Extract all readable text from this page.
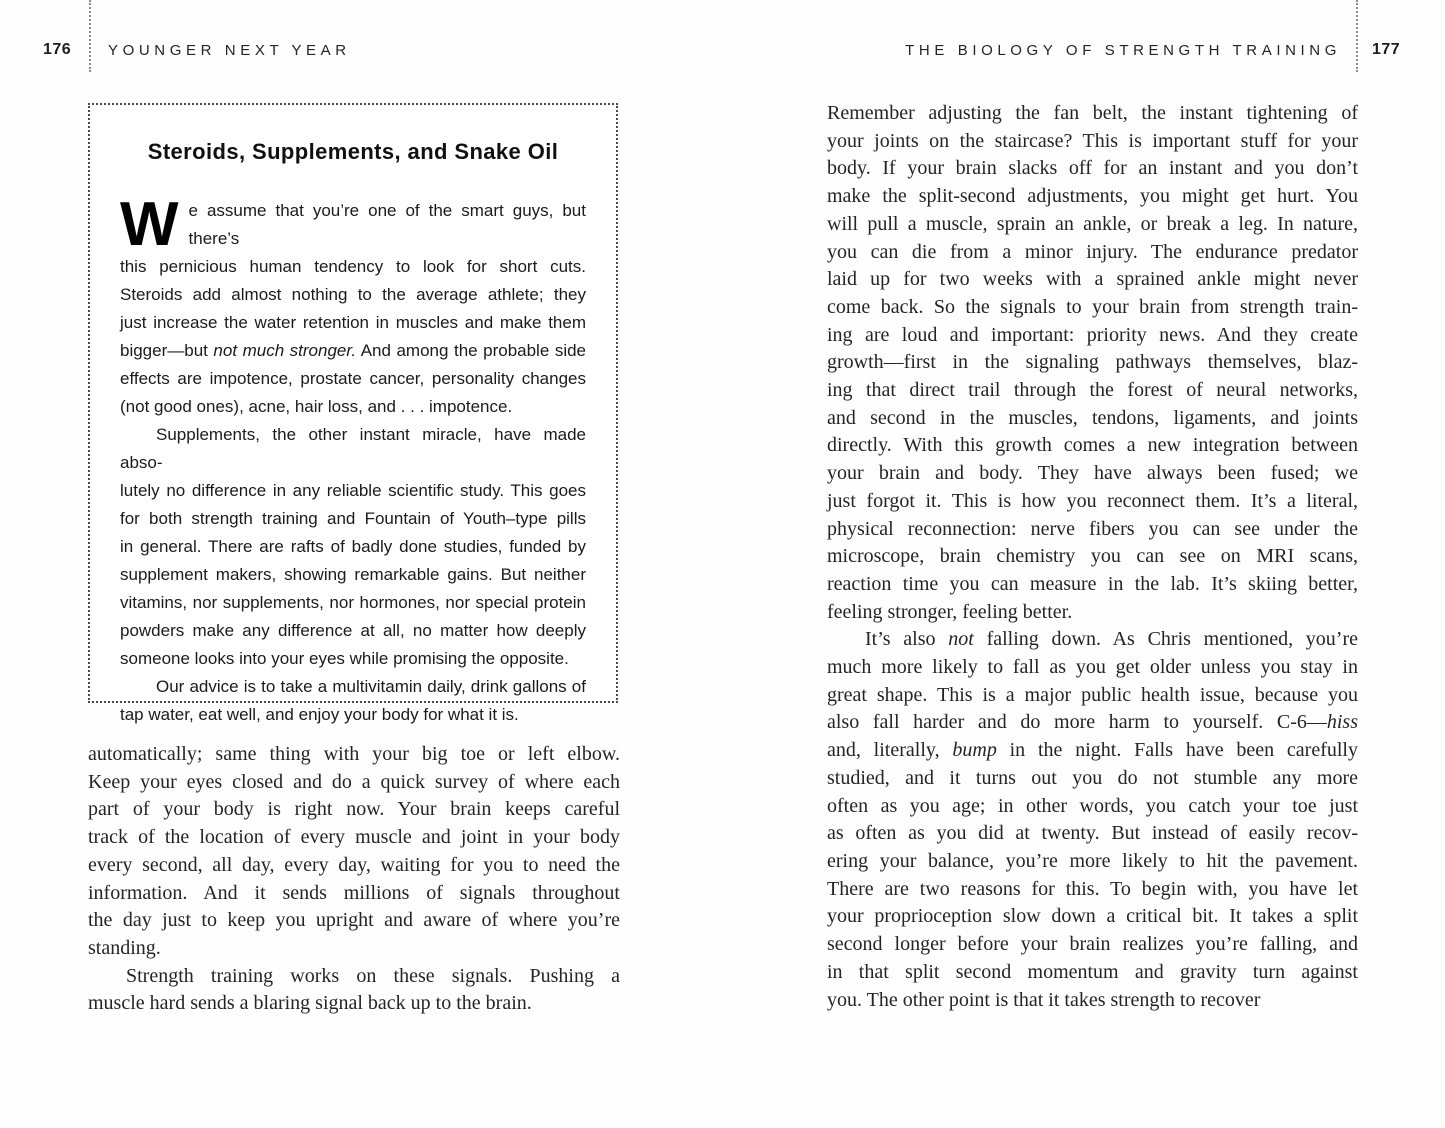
176 YOUNGER NEXT YEAR	THE BIOLOGY OF STRENGTH TRAINING 177
Steroids, Supplements, and Snake Oil
W e assume that you’re one of the smart guys, but there’s
this pernicious human tendency to look for short cuts.
Steroids add almost nothing to the average athlete; they
just increase the water retention in muscles and make them
bigger—but not much stronger. And among the probable side
effects are impotence, prostate cancer, personality changes
(not good ones), acne, hair loss, and . . . impotence.
Supplements, the other instant miracle, have made abso-
lutely no difference in any reliable scientific study. This goes
for both strength training and Fountain of Youth–type pills
in general. There are rafts of badly done studies, funded by
supplement makers, showing remarkable gains. But neither
vitamins, nor supplements, nor hormones, nor special protein
powders make any difference at all, no matter how deeply
someone looks into your eyes while promising the opposite.
Our advice is to take a multivitamin daily, drink gallons of
tap water, eat well, and enjoy your body for what it is.
automatically; same thing with your big toe or left elbow.
Keep your eyes closed and do a quick survey of where each
part of your body is right now. Your brain keeps careful
track of the location of every muscle and joint in your body
every second, all day, every day, waiting for you to need the
information. And it sends millions of signals throughout
the day just to keep you upright and aware of where you’re
standing.
Strength training works on these signals. Pushing a
muscle hard sends a blaring signal back up to the brain.
Remember adjusting the fan belt, the instant tightening of
your joints on the staircase? This is important stuff for your
body. If your brain slacks off for an instant and you don’t
make the split-second adjustments, you might get hurt. You
will pull a muscle, sprain an ankle, or break a leg. In nature,
you can die from a minor injury. The endurance predator
laid up for two weeks with a sprained ankle might never
come back. So the signals to your brain from strength train-
ing are loud and important: priority news. And they create
growth—first in the signaling pathways themselves, blaz-
ing that direct trail through the forest of neural networks,
and second in the muscles, tendons, ligaments, and joints
directly. With this growth comes a new integration between
your brain and body. They have always been fused; we
just forgot it. This is how you reconnect them. It’s a literal,
physical reconnection: nerve fibers you can see under the
microscope, brain chemistry you can see on MRI scans,
reaction time you can measure in the lab. It’s skiing better,
feeling stronger, feeling better.
It’s also not falling down. As Chris mentioned, you’re
much more likely to fall as you get older unless you stay in
great shape. This is a major public health issue, because you
also fall harder and do more harm to yourself. C-6—hiss
and, literally, bump in the night. Falls have been carefully
studied, and it turns out you do not stumble any more
often as you age; in other words, you catch your toe just
as often as you did at twenty. But instead of easily recov-
ering your balance, you’re more likely to hit the pavement.
There are two reasons for this. To begin with, you have let
your proprioception slow down a critical bit. It takes a split
second longer before your brain realizes you’re falling, and
in that split second momentum and gravity turn against
you. The other point is that it takes strength to recover
